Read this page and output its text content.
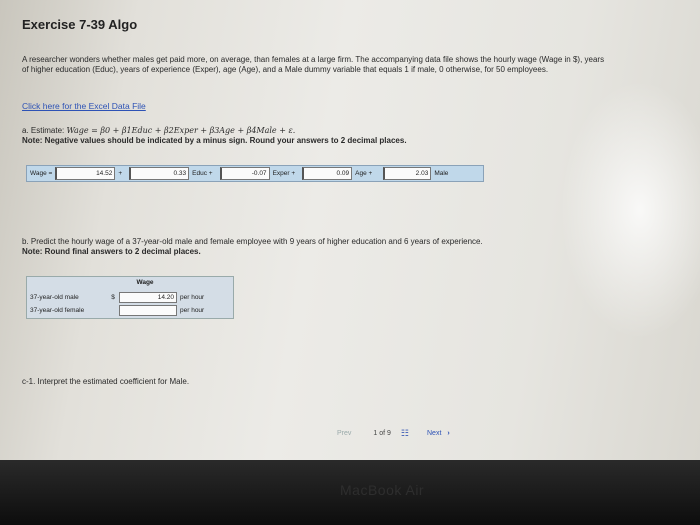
Exercise 7-39 Algo

A researcher wonders whether males get paid more, on average, than females at a large firm. The accompanying data file shows the hourly wage (Wage in $), years of higher education (Educ), years of experience (Exper), age (Age), and a Male dummy variable that equals 1 if male, 0 otherwise, for 50 employees.

Click here for the Excel Data File
a. Estimate: Wage = β0 + β1Educ + β2Exper + β3Age + β4Male + ε.
Note: Negative values should be indicated by a minus sign. Round your answers to 2 decimal places.
Wage =	14.52 +	0.33 Educ +	-0.07 Exper +	0.09 Age +	2.03 Male
b. Predict the hourly wage of a 37-year-old male and female employee with 9 years of higher education and 6 years of experience.
Note: Round final answers to 2 decimal places.
Wage
37-year-old male	$	14.20 per hour
37-year-old female	per hour
c-1. Interpret the estimated coefficient for Male.
Prev	1 of 9 ☷	Next ›
MacBook Air
